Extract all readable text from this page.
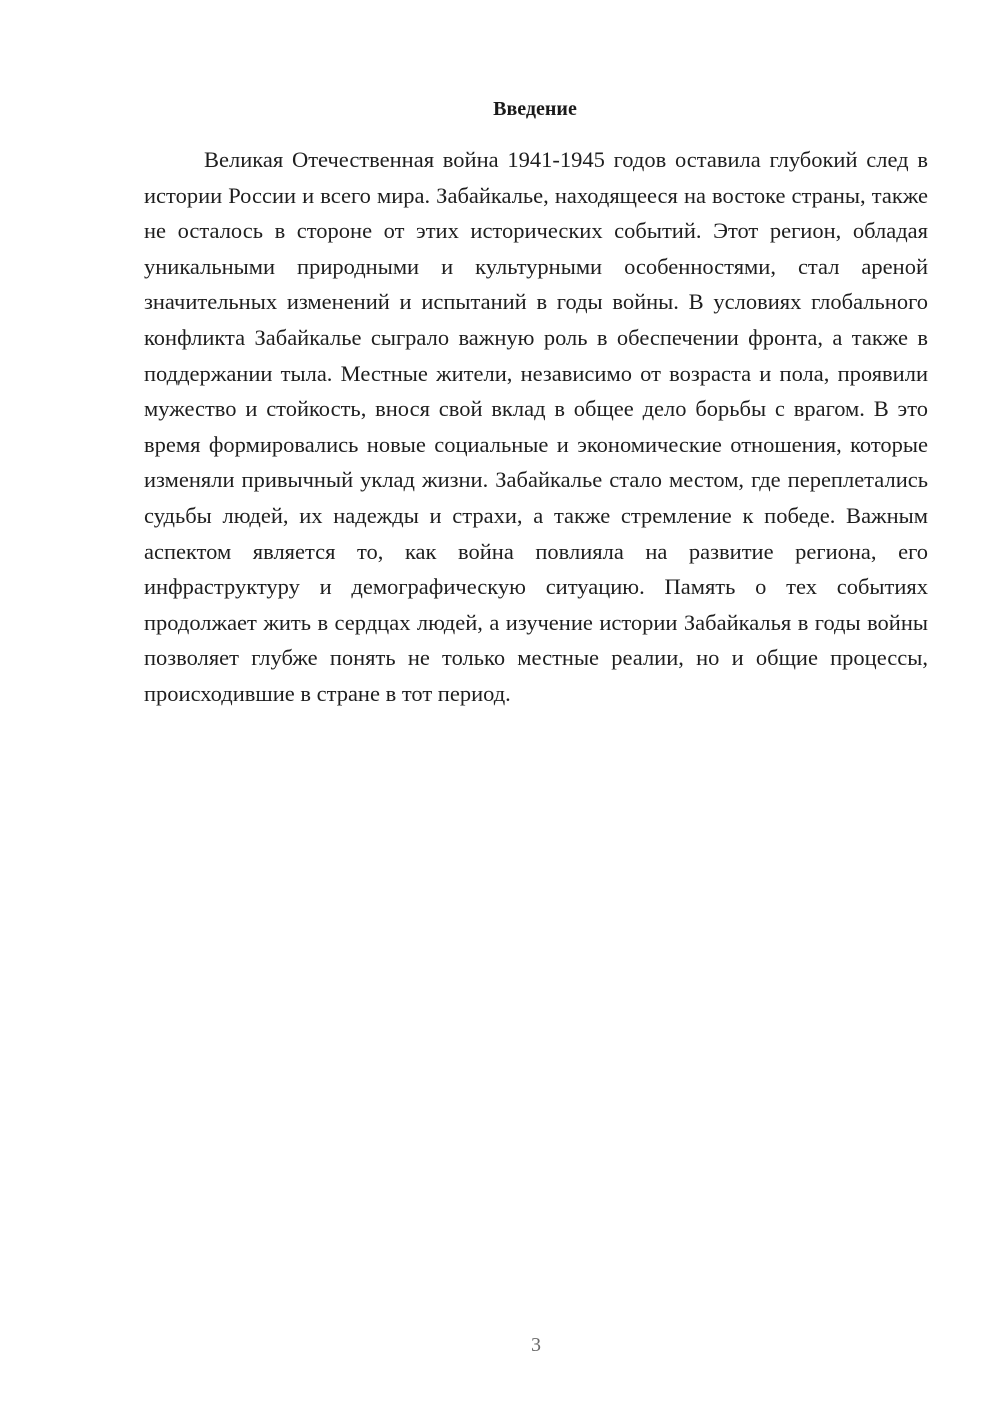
Введение

Великая Отечественная война 1941-1945 годов оставила глубокий след в истории России и всего мира. Забайкалье, находящееся на востоке страны, также не осталось в стороне от этих исторических событий. Этот регион, обладая уникальными природными и культурными особенностями, стал ареной значительных изменений и испытаний в годы войны. В условиях глобального конфликта Забайкалье сыграло важную роль в обеспечении фронта, а также в поддержании тыла. Местные жители, независимо от возраста и пола, проявили мужество и стойкость, внося свой вклад в общее дело борьбы с врагом. В это время формировались новые социальные и экономические отношения, которые изменяли привычный уклад жизни. Забайкалье стало местом, где переплетались судьбы людей, их надежды и страхи, а также стремление к победе. Важным аспектом является то, как война повлияла на развитие региона, его инфраструктуру и демографическую ситуацию. Память о тех событиях продолжает жить в сердцах людей, а изучение истории Забайкалья в годы войны позволяет глубже понять не только местные реалии, но и общие процессы, происходившие в стране в тот период.

3
